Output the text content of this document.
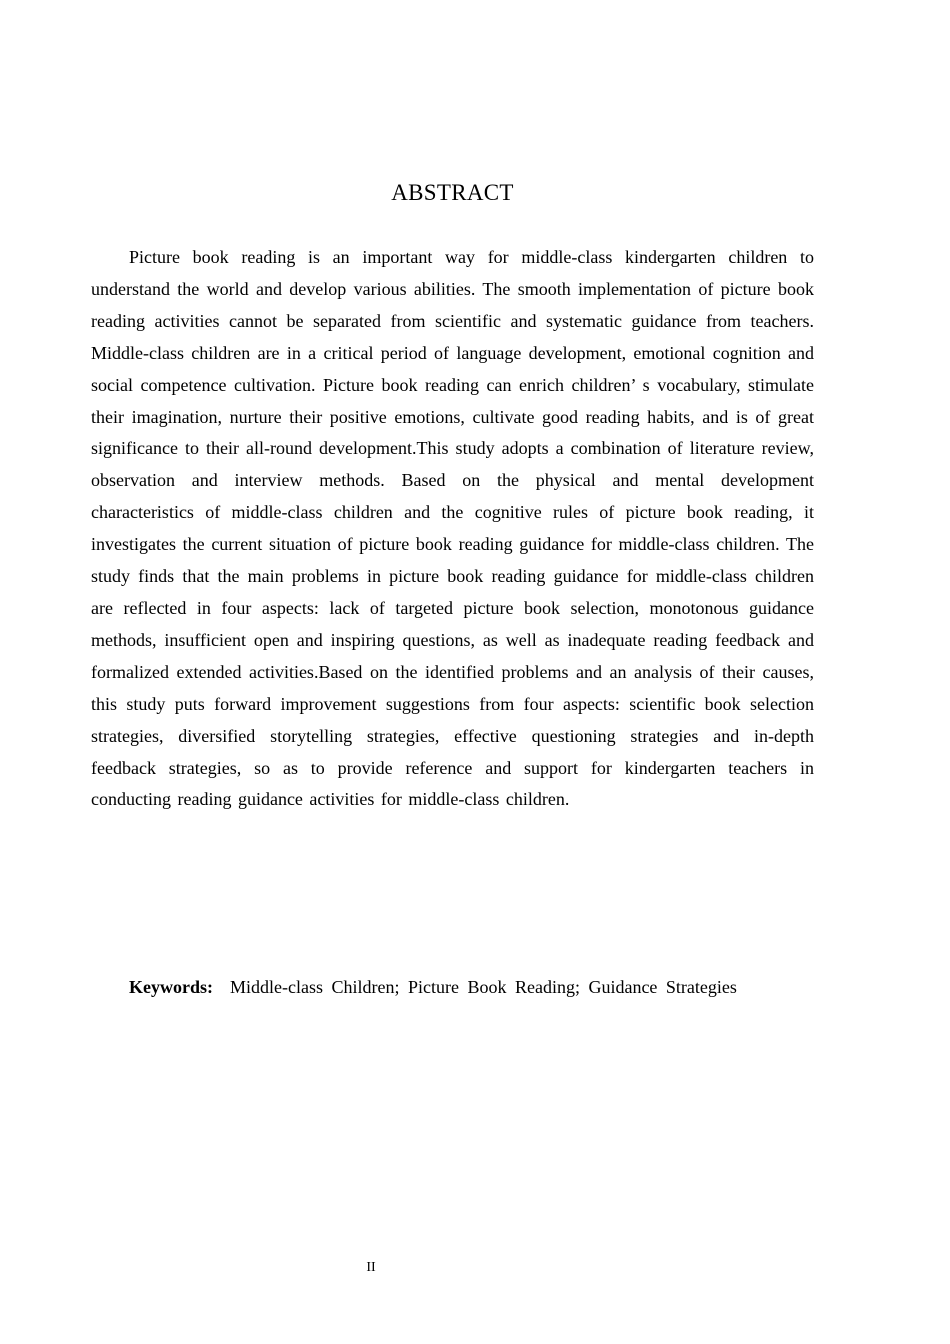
ABSTRACT

Picture book reading is an important way for middle-class kindergarten children to understand the world and develop various abilities. The smooth implementation of picture book reading activities cannot be separated from scientific and systematic guidance from teachers. Middle-class children are in a critical period of language development, emotional cognition and social competence cultivation. Picture book reading can enrich children’ s vocabulary, stimulate their imagination, nurture their positive emotions, cultivate good reading habits, and is of great significance to their all-round development.This study adopts a combination of literature review, observation and interview methods. Based on the physical and mental development characteristics of middle-class children and the cognitive rules of picture book reading, it investigates the current situation of picture book reading guidance for middle-class children. The study finds that the main problems in picture book reading guidance for middle-class children are reflected in four aspects: lack of targeted picture book selection, monotonous guidance methods, insufficient open and inspiring questions, as well as inadequate reading feedback and formalized extended activities.Based on the identified problems and an analysis of their causes, this study puts forward improvement suggestions from four aspects: scientific book selection strategies, diversified storytelling strategies, effective questioning strategies and in-depth feedback strategies, so as to provide reference and support for kindergarten teachers in conducting reading guidance activities for middle-class children.

Keywords: Middle-class Children; Picture Book Reading; Guidance Strategies

II
